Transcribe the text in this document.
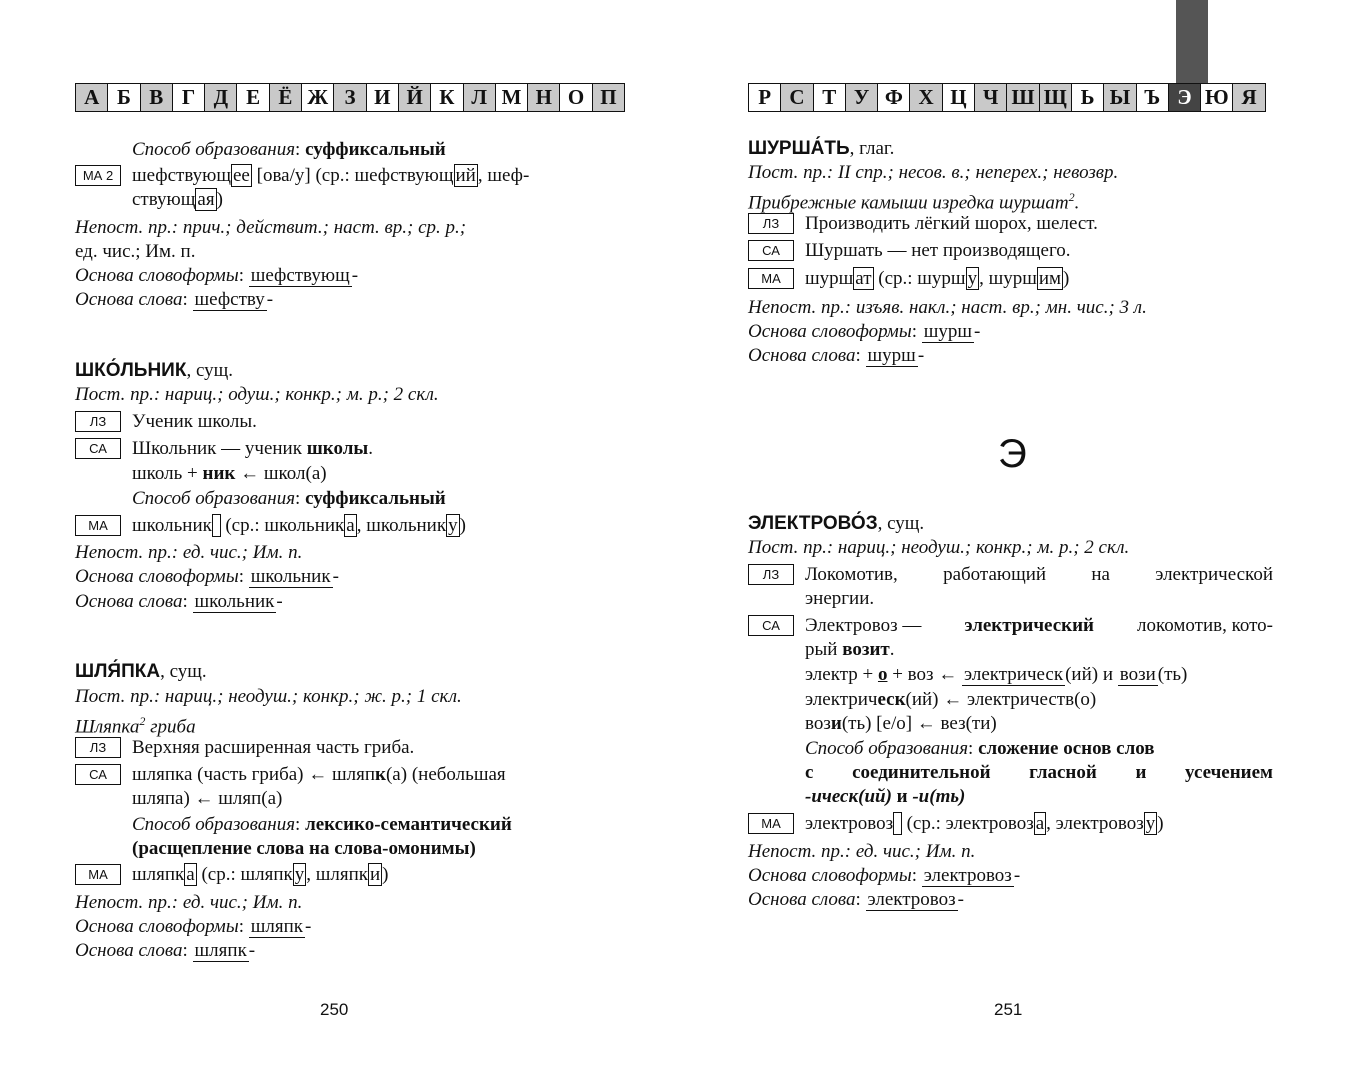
А Б В Г Д Е Ё Ж З И Й К Л М Н О П
Способ образования: суффиксальный
МА 2 шефствующ ее [ова/у] (ср.: шефствующ ий , шеф-
ствующ ая )
Непост. пр.: прич.; действит.; наст. вр.; ср. р.;
ед. чис.; Им. п.
Основа словоформы: шефствующ -
Основа слова: шефству -
ШКО́ЛЬНИК, сущ.
Пост. пр.: нариц.; одуш.; конкр.; м. р.; 2 скл.
ЛЗ	Ученик школы.
СА	Школьник — ученик школы.
школь + ник ← школ(а)
Способ образования: суффиксальный
МА	школьник  (ср.: школьник а , школьник у )
Непост. пр.: ед. чис.; Им. п.
Основа словоформы: школьник -
Основа слова: школьник -
ШЛЯ́ПКА, сущ.
Пост. пр.: нариц.; неодуш.; конкр.; ж. р.; 1 скл.
Шляпка$^2$ гриба
ЛЗ	Верхняя расширенная часть гриба.
СА	шляпка (часть гриба) ← шляпк(а) (небольшая
шляпа) ← шляп(а)
Способ образования: лексико-семантический
(расщепление слова на слова-омонимы)
МА	шляпк а (ср.: шляпк у , шляпк и )
Непост. пр.: ед. чис.; Им. п.
Основа словоформы: шляпк -
Основа слова: шляпк -
250
Р С Т У Ф Х Ц Ч Ш Щ Ь Ы Ъ Э Ю Я
ШУРША́ТЬ, глаг.
Пост. пр.: II спр.; несов. в.; неперех.; невозвр.
Прибрежные камыши изредка шуршат$^2$.
ЛЗ	Производить лёгкий шорох, шелест.
СА	Шуршать — нет производящего.
МА	шурш ат (ср.: шурш у , шурш им )
Непост. пр.: изъяв. накл.; наст. вр.; мн. чис.; 3 л.
Основа словоформы: шурш -
Основа слова: шурш -
Э
ЭЛЕКТРОВО́З, сущ.
Пост. пр.: нариц.; неодуш.; конкр.; м. р.; 2 скл.
ЛЗ	Локомотив, работающий на электрической
энергии.
СА	Электровоз — электрический локомотив, кото-
рый возит.
электр + о + воз ← электрическ (ий) и вози (ть)
электрическ(ий) ← электричеств(о)
вози(ть) [е/о] ← вез(ти)
Способ образования: сложение основ слов
с соединительной гласной и усечением
-ическ(ий) и -и(ть)
МА	электровоз  (ср.: электровоз а , электровоз у )
Непост. пр.: ед. чис.; Им. п.
Основа словоформы: электровоз -
Основа слова: электровоз -
251
